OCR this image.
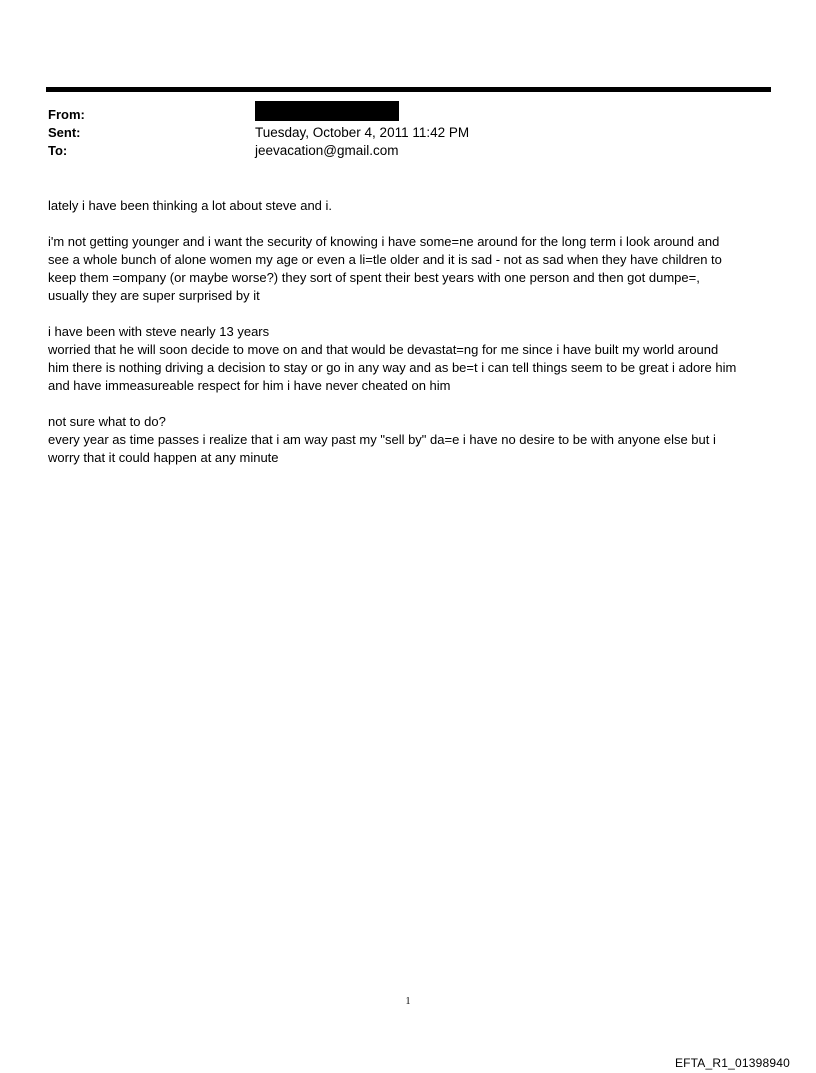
From:
Sent:	Tuesday, October 4, 2011 11:42 PM
To:	jeevacation@gmail.com
lately i have been thinking a lot about steve and i.
i'm not getting younger and i want the security of knowing i have some=ne around for the long term i look around and
see a whole bunch of alone women my age or even a li=tle older and it is sad - not as sad when they have children to
keep them =ompany (or maybe worse?) they sort of spent their best years with one person and then got dumpe=,
usually they are super surprised by it
i have been with steve nearly 13 years
worried that he will soon decide to move on and that would be devastat=ng for me since i have built my world around
him there is nothing driving a decision to stay or go in any way and as be=t i can tell things seem to be great i adore him
and have immeasureable respect for him i have never cheated on him
not sure what to do?
every year as time passes i realize that i am way past my "sell by" da=e i have no desire to be with anyone else but i
worry that it could happen at any minute
1
EFTA_R1_01398940
